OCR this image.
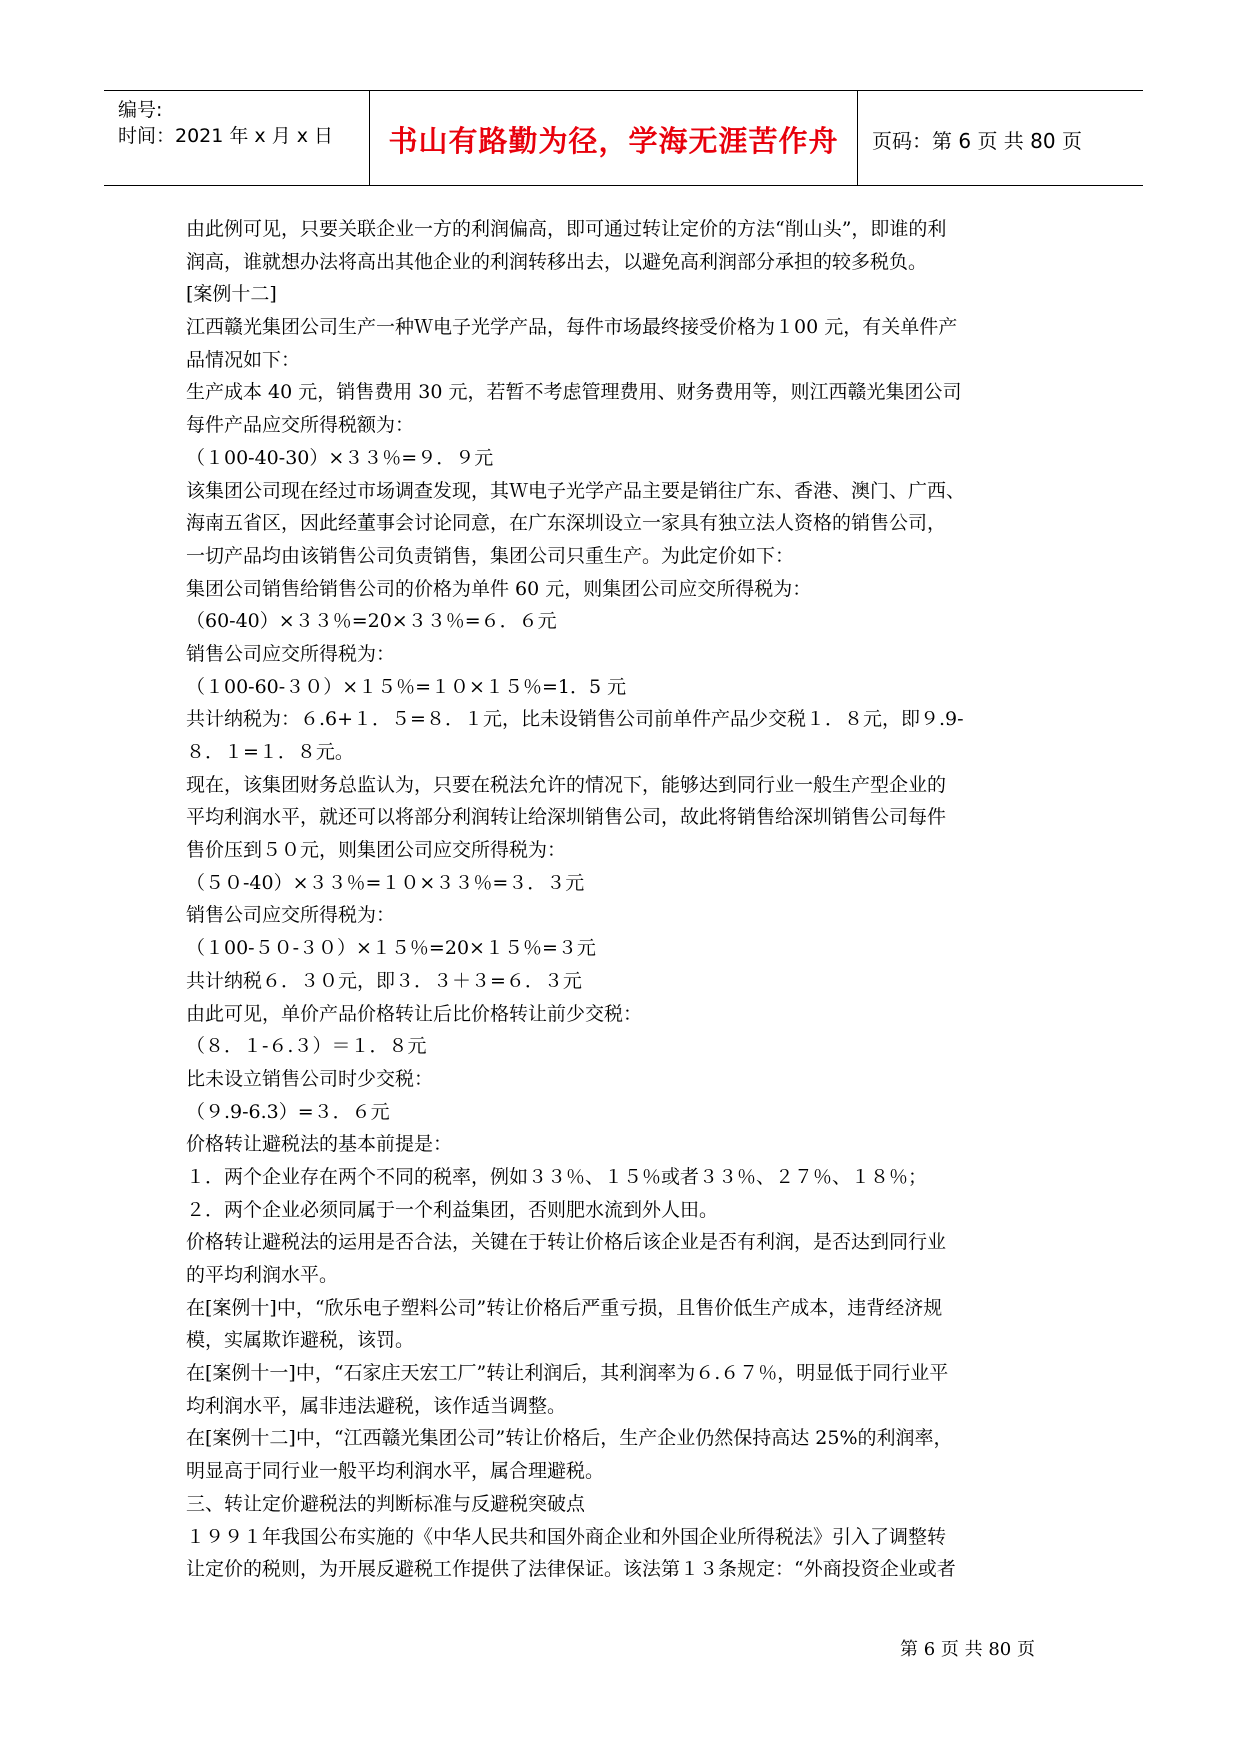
编号:
时间：2021 年 x 月 x 日	书山有路勤为径，学海无涯苦作舟	页码：第 6 页 共 80 页

由此例可见，只要关联企业一方的利润偏高，即可通过转让定价的方法“削山头”，即谁的利

润高，谁就想办法将高出其他企业的利润转移出去，以避免高利润部分承担的较多税负。

[案例十二]

江西赣光集团公司生产一种Ｗ电子光学产品，每件市场最终接受价格为１00 元，有关单件产

品情况如下：

生产成本 40 元，销售费用 30 元，若暂不考虑管理费用、财务费用等，则江西赣光集团公司

每件产品应交所得税额为：

（１00-40-30）×３３％=９．９元

该集团公司现在经过市场调查发现，其Ｗ电子光学产品主要是销往广东、香港、澳门、广西、

海南五省区，因此经董事会讨论同意，在广东深圳设立一家具有独立法人资格的销售公司，

一切产品均由该销售公司负责销售，集团公司只重生产。为此定价如下：

集团公司销售给销售公司的价格为单件 60 元，则集团公司应交所得税为：

（60-40）×３３％=20×３３％=６．６元

销售公司应交所得税为：

（１00-60-３０）×１５％=１０×１５％=1．5 元

共计纳税为：６.6+１．５=８．１元，比未设销售公司前单件产品少交税１．８元，即９.9-

８．１=１．８元。

现在，该集团财务总监认为，只要在税法允许的情况下，能够达到同行业一般生产型企业的

平均利润水平，就还可以将部分利润转让给深圳销售公司，故此将销售给深圳销售公司每件

售价压到５０元，则集团公司应交所得税为：

（５０-40）×３３％=１０×３３％=３．３元

销售公司应交所得税为：

（１00-５０-３０）×１５％=20×１５％=３元

共计纳税６．３０元，即３．３＋３=６．３元

由此可见，单价产品价格转让后比价格转让前少交税：

（８．１-６.３）＝１．８元

比未设立销售公司时少交税：

（９.9-6.3）=３．６元

价格转让避税法的基本前提是：

１．两个企业存在两个不同的税率，例如３３％、１５％或者３３％、２７％、１８％；

２．两个企业必须同属于一个利益集团，否则肥水流到外人田。

价格转让避税法的运用是否合法，关键在于转让价格后该企业是否有利润，是否达到同行业

的平均利润水平。

在[案例十]中，“欣乐电子塑料公司”转让价格后严重亏损，且售价低生产成本，违背经济规

模，实属欺诈避税，该罚。

在[案例十一]中，“石家庄天宏工厂”转让利润后，其利润率为６.６７％，明显低于同行业平

均利润水平，属非违法避税，该作适当调整。

在[案例十二]中，“江西赣光集团公司”转让价格后，生产企业仍然保持高达 25%的利润率，

明显高于同行业一般平均利润水平，属合理避税。

三、转让定价避税法的判断标准与反避税突破点

１９９１年我国公布实施的《中华人民共和国外商企业和外国企业所得税法》引入了调整转

让定价的税则，为开展反避税工作提供了法律保证。该法第１３条规定：“外商投资企业或者

第 6 页 共 80 页
